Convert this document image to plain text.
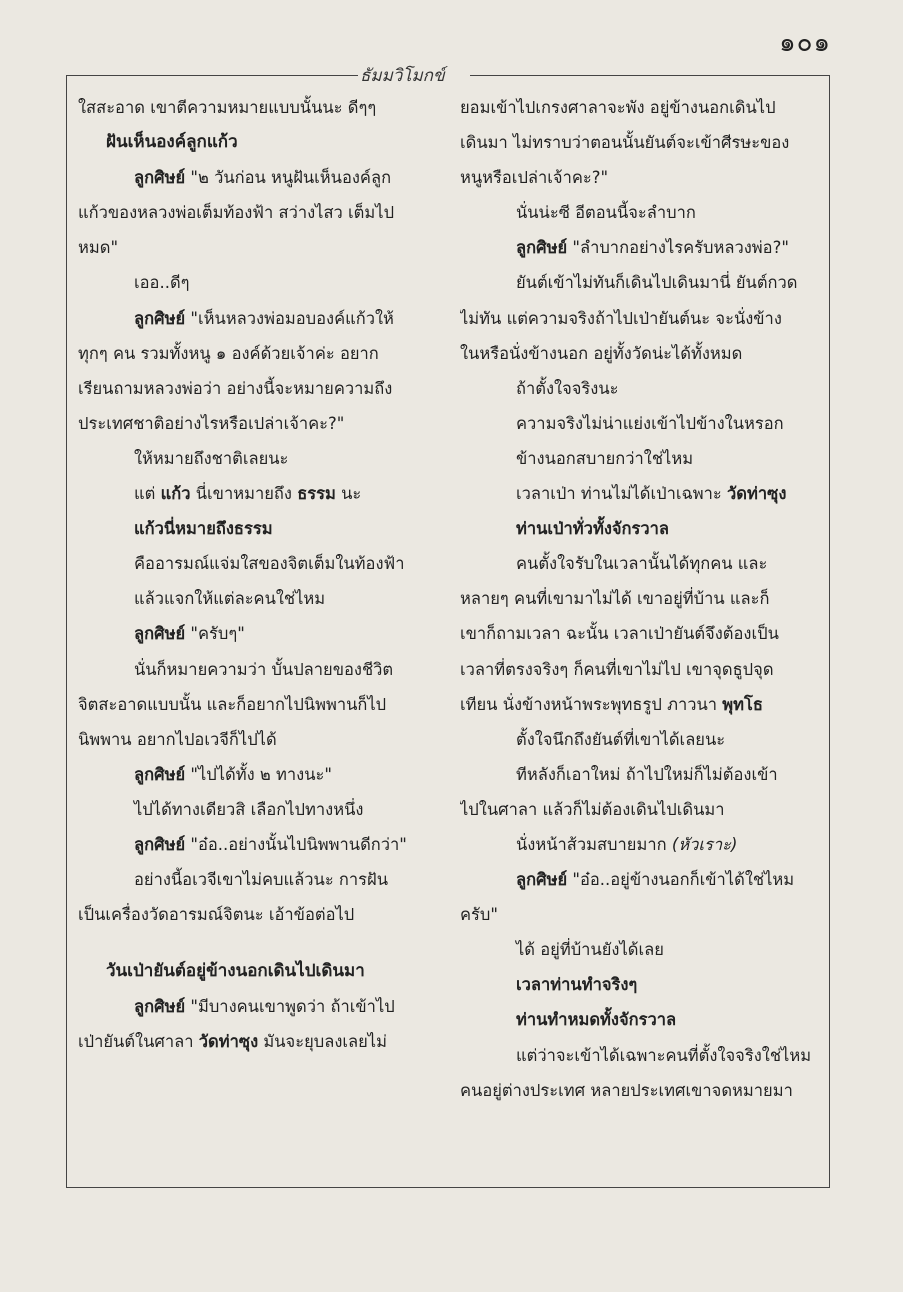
๑๐๑
ธัมมวิโมกข์
ใสสะอาด เขาตีความหมายแบบนั้นนะ ดีๆๆ
ฝันเห็นองค์ลูกแก้ว
ลูกศิษย์ "๒ วันก่อน หนูฝันเห็นองค์ลูก
แก้วของหลวงพ่อเต็มท้องฟ้า สว่างไสว เต็มไป
หมด"
เออ..ดีๆ
ลูกศิษย์ "เห็นหลวงพ่อมอบองค์แก้วให้
ทุกๆ คน รวมทั้งหนู ๑ องค์ด้วยเจ้าค่ะ อยาก
เรียนถามหลวงพ่อว่า อย่างนี้จะหมายความถึง
ประเทศชาติอย่างไรหรือเปล่าเจ้าคะ?"
ให้หมายถึงชาติเลยนะ
แต่ แก้ว นี่เขาหมายถึง ธรรม นะ
แก้วนี่หมายถึงธรรม
คืออารมณ์แจ่มใสของจิตเต็มในท้องฟ้า
แล้วแจกให้แต่ละคนใช่ไหม
ลูกศิษย์ "ครับๆ"
นั่นก็หมายความว่า บั้นปลายของชีวิต
จิตสะอาดแบบนั้น และก็อยากไปนิพพานก็ไป
นิพพาน อยากไปอเวจีก็ไปได้
ลูกศิษย์ "ไปได้ทั้ง ๒ ทางนะ"
ไปได้ทางเดียวสิ เลือกไปทางหนึ่ง
ลูกศิษย์ "อ๋อ..อย่างนั้นไปนิพพานดีกว่า"
อย่างนี้อเวจีเขาไม่คบแล้วนะ การฝัน
เป็นเครื่องวัดอารมณ์จิตนะ เอ้าข้อต่อไป
วันเป่ายันต์อยู่ข้างนอกเดินไปเดินมา
ลูกศิษย์ "มีบางคนเขาพูดว่า ถ้าเข้าไป
เป่ายันต์ในศาลา วัดท่าซุง มันจะยุบลงเลยไม่
ยอมเข้าไปเกรงศาลาจะพัง อยู่ข้างนอกเดินไป
เดินมา ไม่ทราบว่าตอนนั้นยันต์จะเข้าศีรษะของ
หนูหรือเปล่าเจ้าคะ?"
นั่นน่ะซี อีตอนนี้จะลำบาก
ลูกศิษย์ "ลำบากอย่างไรครับหลวงพ่อ?"
ยันต์เข้าไม่ทันก็เดินไปเดินมานี่ ยันต์กวด
ไม่ทัน แต่ความจริงถ้าไปเป่ายันต์นะ จะนั่งข้าง
ในหรือนั่งข้างนอก อยู่ทั้งวัดน่ะได้ทั้งหมด
ถ้าตั้งใจจริงนะ
ความจริงไม่น่าแย่งเข้าไปข้างในหรอก
ข้างนอกสบายกว่าใช่ไหม
เวลาเป่า ท่านไม่ได้เป่าเฉพาะ วัดท่าซุง
ท่านเป่าทั่วทั้งจักรวาล
คนตั้งใจรับในเวลานั้นได้ทุกคน และ
หลายๆ คนที่เขามาไม่ได้ เขาอยู่ที่บ้าน และก็
เขาก็ถามเวลา ฉะนั้น เวลาเป่ายันต์จึงต้องเป็น
เวลาที่ตรงจริงๆ ก็คนที่เขาไม่ไป เขาจุดธูปจุด
เทียน นั่งข้างหน้าพระพุทธรูป ภาวนา พุทโธ
ตั้งใจนึกถึงยันต์ที่เขาได้เลยนะ
ทีหลังก็เอาใหม่ ถ้าไปใหม่ก็ไม่ต้องเข้า
ไปในศาลา แล้วก็ไม่ต้องเดินไปเดินมา
นั่งหน้าส้วมสบายมาก (หัวเราะ)
ลูกศิษย์ "อ๋อ..อยู่ข้างนอกก็เข้าได้ใช่ไหม
ครับ"
ได้ อยู่ที่บ้านยังได้เลย
เวลาท่านทำจริงๆ
ท่านทำหมดทั้งจักรวาล
แต่ว่าจะเข้าได้เฉพาะคนที่ตั้งใจจริงใช่ไหม
คนอยู่ต่างประเทศ หลายประเทศเขาจดหมายมา
